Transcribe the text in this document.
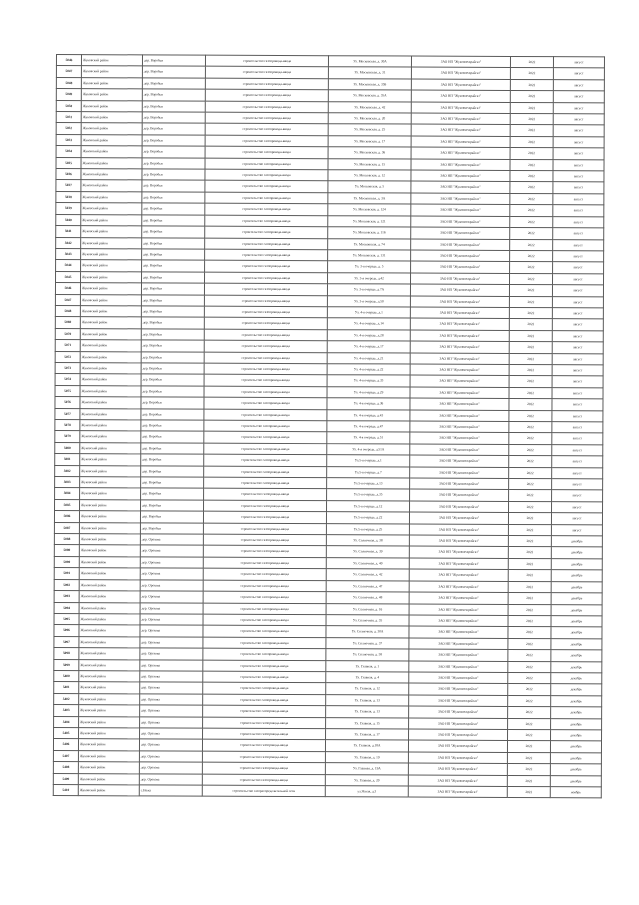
5046	Жуковский район	дер. Воробьи	строительство газопровода-ввода	Ул. Московская, д. 30А	ЗАО НП "Жуковмежрайгаз"	2022	август
5047	Жуковский район	дер. Воробьи	строительство газопровода-ввода	Ул. Московская, д. 31	ЗАО НП "Жуковмежрайгаз"	2022	август
5048	Жуковский район	дер. Воробьи	строительство газопровода-ввода	Ул. Московская, д. 35Б	ЗАО НП "Жуковмежрайгаз"	2022	август
5049	Жуковский район	дер. Воробьи	строительство газопровода-ввода	Ул. Московская, д. 35А	ЗАО НП "Жуковмежрайгаз"	2022	август
5050	Жуковский район	дер. Воробьи	строительство газопровода-ввода	Ул. Московская, д. 42	ЗАО НП "Жуковмежрайгаз"	2022	август
5031	Жуковский район	дер. Воробьи	строительство газопровода-ввода	Ул. Московская, д. 20	ЗАО НП "Жуковмежрайгаз"	2022	август
5032	Жуковский район	дер. Воробьи	строительство газопровода-ввода	Ул. Московская, д. 25	ЗАО НП "Жуковмежрайгаз"	2022	август
5033	Жуковский район	дер. Воробьи	строительство газопровода-ввода	Ул. Московская, д. 17	ЗАО НП "Жуковмежрайгаз"	2022	август
5034	Жуковский район	дер. Воробьи	строительство газопровода-ввода	Ул. Московская, д. 36	ЗАО НП "Жуковмежрайгаз"	2022	август
5035	Жуковский район	дер. Воробьи	строительство газопровода-ввода	Ул. Московская, д. 15	ЗАО НП "Жуковмежрайгаз"	2022	август
5036	Жуковский район	дер. Воробьи	строительство газопровода-ввода	Ул. Московская, д. 12	ЗАО НП "Жуковмежрайгаз"	2022	август
5037	Жуковский район	дер. Воробьи	строительство газопровода-ввода	Ул. Московская, д. 5	ЗАО НП "Жуковмежрайгаз"	2022	август
5038	Жуковский район	дер. Воробьи	строительство газопровода-ввода	Ул. Московская, д. 3А	ЗАО НП "Жуковмежрайгаз"	2022	август
5039	Жуковский район	дер. Воробьи	строительство газопровода-ввода	Ул. Московская, д. 124	ЗАО НП "Жуковмежрайгаз"	2022	август
5040	Жуковский район	дер. Воробьи	строительство газопровода-ввода	Ул. Московская, д. 121	ЗАО НП "Жуковмежрайгаз"	2022	август
5041	Жуковский район	дер. Воробьи	строительство газопровода-ввода	Ул. Московская, д. 116	ЗАО НП "Жуковмежрайгаз"	2022	август
5042	Жуковский район	дер. Воробьи	строительство газопровода-ввода	Ул. Московская, д. 74	ЗАО НП "Жуковмежрайгаз"	2022	август
5043	Жуковский район	дер. Воробьи	строительство газопровода-ввода	Ул. Московская, д. 131	ЗАО НП "Жуковмежрайгаз"	2022	август
5044	Жуковский район	дер. Воробьи	строительство газопровода-ввода	Ул. 3-я очередь, д. 5	ЗАО НП "Жуковмежрайгаз"	2022	август
5045	Жуковский район	дер. Воробьи	строительство газопровода-ввода	Ул. 3-я очередь, д.42	ЗАО НП "Жуковмежрайгаз"	2022	август
5046	Жуковский район	дер. Воробьи	строительство газопровода-ввода	Ул. 3-я очередь, д.7А	ЗАО НП "Жуковмежрайгаз"	2022	август
5047	Жуковский район	дер. Воробьи	строительство газопровода-ввода	Ул. 3-я очередь, д.50	ЗАО НП "Жуковмежрайгаз"	2022	август
5048	Жуковский район	дер. Воробьи	строительство газопровода-ввода	Ул. 4-я очередь, д.1	ЗАО НП "Жуковмежрайгаз"	2022	август
5069	Жуковский район	дер. Воробьи	строительство газопровода-ввода	Ул. 4-я очередь, д.14	ЗАО НП "Жуковмежрайгаз"	2022	август
5070	Жуковский район	дер. Воробьи	строительство газопровода-ввода	Ул. 4-я очередь, д.28	ЗАО НП "Жуковмежрайгаз"	2022	август
5071	Жуковский район	дер. Воробьи	строительство газопровода-ввода	Ул. 4-я очередь, д.17	ЗАО НП "Жуковмежрайгаз"	2022	август
5072	Жуковский район	дер. Воробьи	строительство газопровода-ввода	Ул. 4-я очередь, д.21	ЗАО НП "Жуковмежрайгаз"	2022	август
5073	Жуковский район	дер. Воробьи	строительство газопровода-ввода	Ул. 4-я очередь, д.22	ЗАО НП "Жуковмежрайгаз"	2022	август
5074	Жуковский район	дер. Воробьи	строительство газопровода-ввода	Ул. 4-я очередь, д.33	ЗАО НП "Жуковмежрайгаз"	2022	август
5075	Жуковский район	дер. Воробьи	строительство газопровода-ввода	Ул. 4-я очередь, д.29	ЗАО НП "Жуковмежрайгаз"	2022	август
5076	Жуковский район	дер. Воробьи	строительство газопровода-ввода	Ул. 4-я очередь, д.36	ЗАО НП "Жуковмежрайгаз"	2022	август
5077	Жуковский район	дер. Воробьи	строительство газопровода-ввода	Ул. 4-я очередь, д.43	ЗАО НП "Жуковмежрайгаз"	2022	август
5078	Жуковский район	дер. Воробьи	строительство газопровода-ввода	Ул. 4-я очередь, д.47	ЗАО НП "Жуковмежрайгаз"	2022	август
5079	Жуковский район	дер. Воробьи	строительство газопровода-ввода	Ул. 4-я очередь, д.51	ЗАО НП "Жуковмежрайгаз"	2022	август
5080	Жуковский район	дер. Воробьи	строительство газопровода-ввода	Ул. 4-я очередь, д.51А	ЗАО НП "Жуковмежрайгаз"	2022	август
5081	Жуковский район	дер. Воробьи	строительство газопровода-ввода	Ул.5-я очередь, д.1	ЗАО НП "Жуковмежрайгаз"	2022	август
5082	Жуковский район	дер. Воробьи	строительство газопровода-ввода	Ул.5-я очередь, д.7	ЗАО НП "Жуковмежрайгаз"	2022	август
5083	Жуковский район	дер. Воробьи	строительство газопровода-ввода	Ул.5-я очередь, д.13	ЗАО НП "Жуковмежрайгаз"	2022	август
5084	Жуковский район	дер. Воробьи	строительство газопровода-ввода	Ул.5-я очередь, д.35	ЗАО НП "Жуковмежрайгаз"	2022	август
5085	Жуковский район	дер. Воробьи	строительство газопровода-ввода	Ул.5-я очередь, д.12	ЗАО НП "Жуковмежрайгаз"	2022	август
5086	Жуковский район	дер. Воробьи	строительство газопровода-ввода	Ул.5-я очередь, д.22	ЗАО НП "Жуковмежрайгаз"	2022	август
5087	Жуковский район	дер. Воробьи	строительство газопровода-ввода	Ул.5-я очередь, д.25	ЗАО НП "Жуковмежрайгаз"	2022	август
5088	Жуковский район	дер. Орехова	строительство газопровода-ввода	Ул. Солнечная, д. 38	ЗАО НП "Жуковмежрайгаз"	2022	декабрь
5089	Жуковский район	дер. Орехова	строительство газопровода-ввода	Ул. Солнечная, д. 39	ЗАО НП "Жуковмежрайгаз"	2022	декабрь
5090	Жуковский район	дер. Орехова	строительство газопровода-ввода	Ул. Солнечная, д. 40	ЗАО НП "Жуковмежрайгаз"	2022	декабрь
5091	Жуковский район	дер. Орехова	строительство газопровода-ввода	Ул. Солнечная, д. 42	ЗАО НП "Жуковмежрайгаз"	2022	декабрь
5092	Жуковский район	дер. Орехова	строительство газопровода-ввода	Ул. Солнечная, д. 47	ЗАО НП "Жуковмежрайгаз"	2022	декабрь
5093	Жуковский район	дер. Орехова	строительство газопровода-ввода	Ул. Солнечная, д. 48	ЗАО НП "Жуковмежрайгаз"	2022	декабрь
5094	Жуковский район	дер. Орехова	строительство газопровода-ввода	Ул. Солнечная, д. 16	ЗАО НП "Жуковмежрайгаз"	2022	декабрь
5095	Жуковский район	дер. Орехова	строительство газопровода-ввода	Ул. Солнечная, д. 35	ЗАО НП "Жуковмежрайгаз"	2022	декабрь
5096	Жуковский район	дер. Орехова	строительство газопровода-ввода	Ул. Солнечная, д. 30А	ЗАО НП "Жуковмежрайгаз"	2022	декабрь
5097	Жуковский район	дер. Орехова	строительство газопровода-ввода	Ул. Солнечная, д. 37	ЗАО НП "Жуковмежрайгаз"	2022	декабрь
5098	Жуковский район	дер. Орехова	строительство газопровода-ввода	Ул. Солнечная, д. 58	ЗАО НП "Жуковмежрайгаз"	2022	декабрь
5099	Жуковский район	дер. Орехова	строительство газопровода-ввода	Ул. Главная, д. 1	ЗАО НП "Жуковмежрайгаз"	2022	декабрь
5400	Жуковский район	дер. Орехова	строительство газопровода-ввода	Ул. Главная, д. 4	ЗАО НП "Жуковмежрайгаз"	2022	декабрь
5401	Жуковский район	дер. Орехова	строительство газопровода-ввода	Ул. Главная, д. 12	ЗАО НП "Жуковмежрайгаз"	2022	декабрь
5402	Жуковский район	дер. Орехова	строительство газопровода-ввода	Ул. Главная, д. 13	ЗАО НП "Жуковмежрайгаз"	2022	декабрь
5403	Жуковский район	дер. Орехова	строительство газопровода-ввода	Ул. Главная, д. 13	ЗАО НП "Жуковмежрайгаз"	2022	декабрь
5404	Жуковский район	дер. Орехова	строительство газопровода-ввода	Ул. Главная, д. 15	ЗАО НП "Жуковмежрайгаз"	2022	декабрь
5405	Жуковский район	дер. Орехова	строительство газопровода-ввода	Ул. Главная, д. 17	ЗАО НП "Жуковмежрайгаз"	2022	декабрь
5406	Жуковский район	дер. Орехова	строительство газопровода-ввода	Ул. Главная, д.18А	ЗАО НП "Жуковмежрайгаз"	2022	декабрь
5407	Жуковский район	дер. Орехова	строительство газопровода-ввода	Ул. Главная, д. 19	ЗАО НП "Жуковмежрайгаз"	2022	декабрь
5408	Жуковский район	дер. Орехова	строительство газопровода-ввода	Ул. Главная, д. 19А	ЗАО НП "Жуковмежрайгаз"	2022	декабрь
5409	Жуковский район	дер. Орехова	строительство газопровода-ввода	Ул. Главная, д. 20	ЗАО НП "Жуковмежрайгаз"	2022	декабрь
5410	Жуковский район	с.Нежа	строительство газораспределительной сети	ул.Ясная, д.3	ЗАО НП "Жуковмежрайгаз"	2022	ноябрь
